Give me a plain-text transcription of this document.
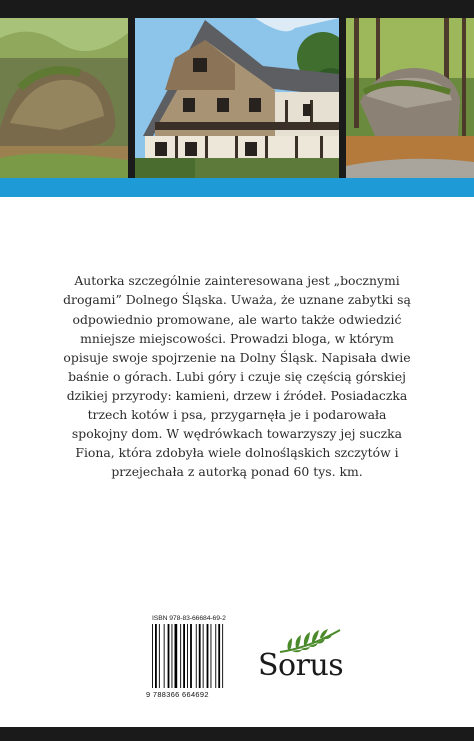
Autorka szczególnie zainteresowana jest „bocznymi drogami” Dolnego Śląska. Uważa, że uznane zabytki są odpowiednio promowane, ale warto także odwiedzić mniejsze miejscowości. Prowadzi bloga, w którym opisuje swoje spojrzenie na Dolny Śląsk. Napisała dwie baśnie o górach. Lubi góry i czuje się częścią górskiej dzikiej przyrody: kamieni, drzew i źródeł. Posiadaczka trzech kotów i psa, przygarnęła je i podarowała spokojny dom. W wędrówkach towarzyszy jej suczka Fiona, która zdobyła wiele dolnośląskich szczytów i przejechała z autorką ponad 60 tys. km.

ISBN 978-83-66684-69-2
9 788366 664692
Sorus
